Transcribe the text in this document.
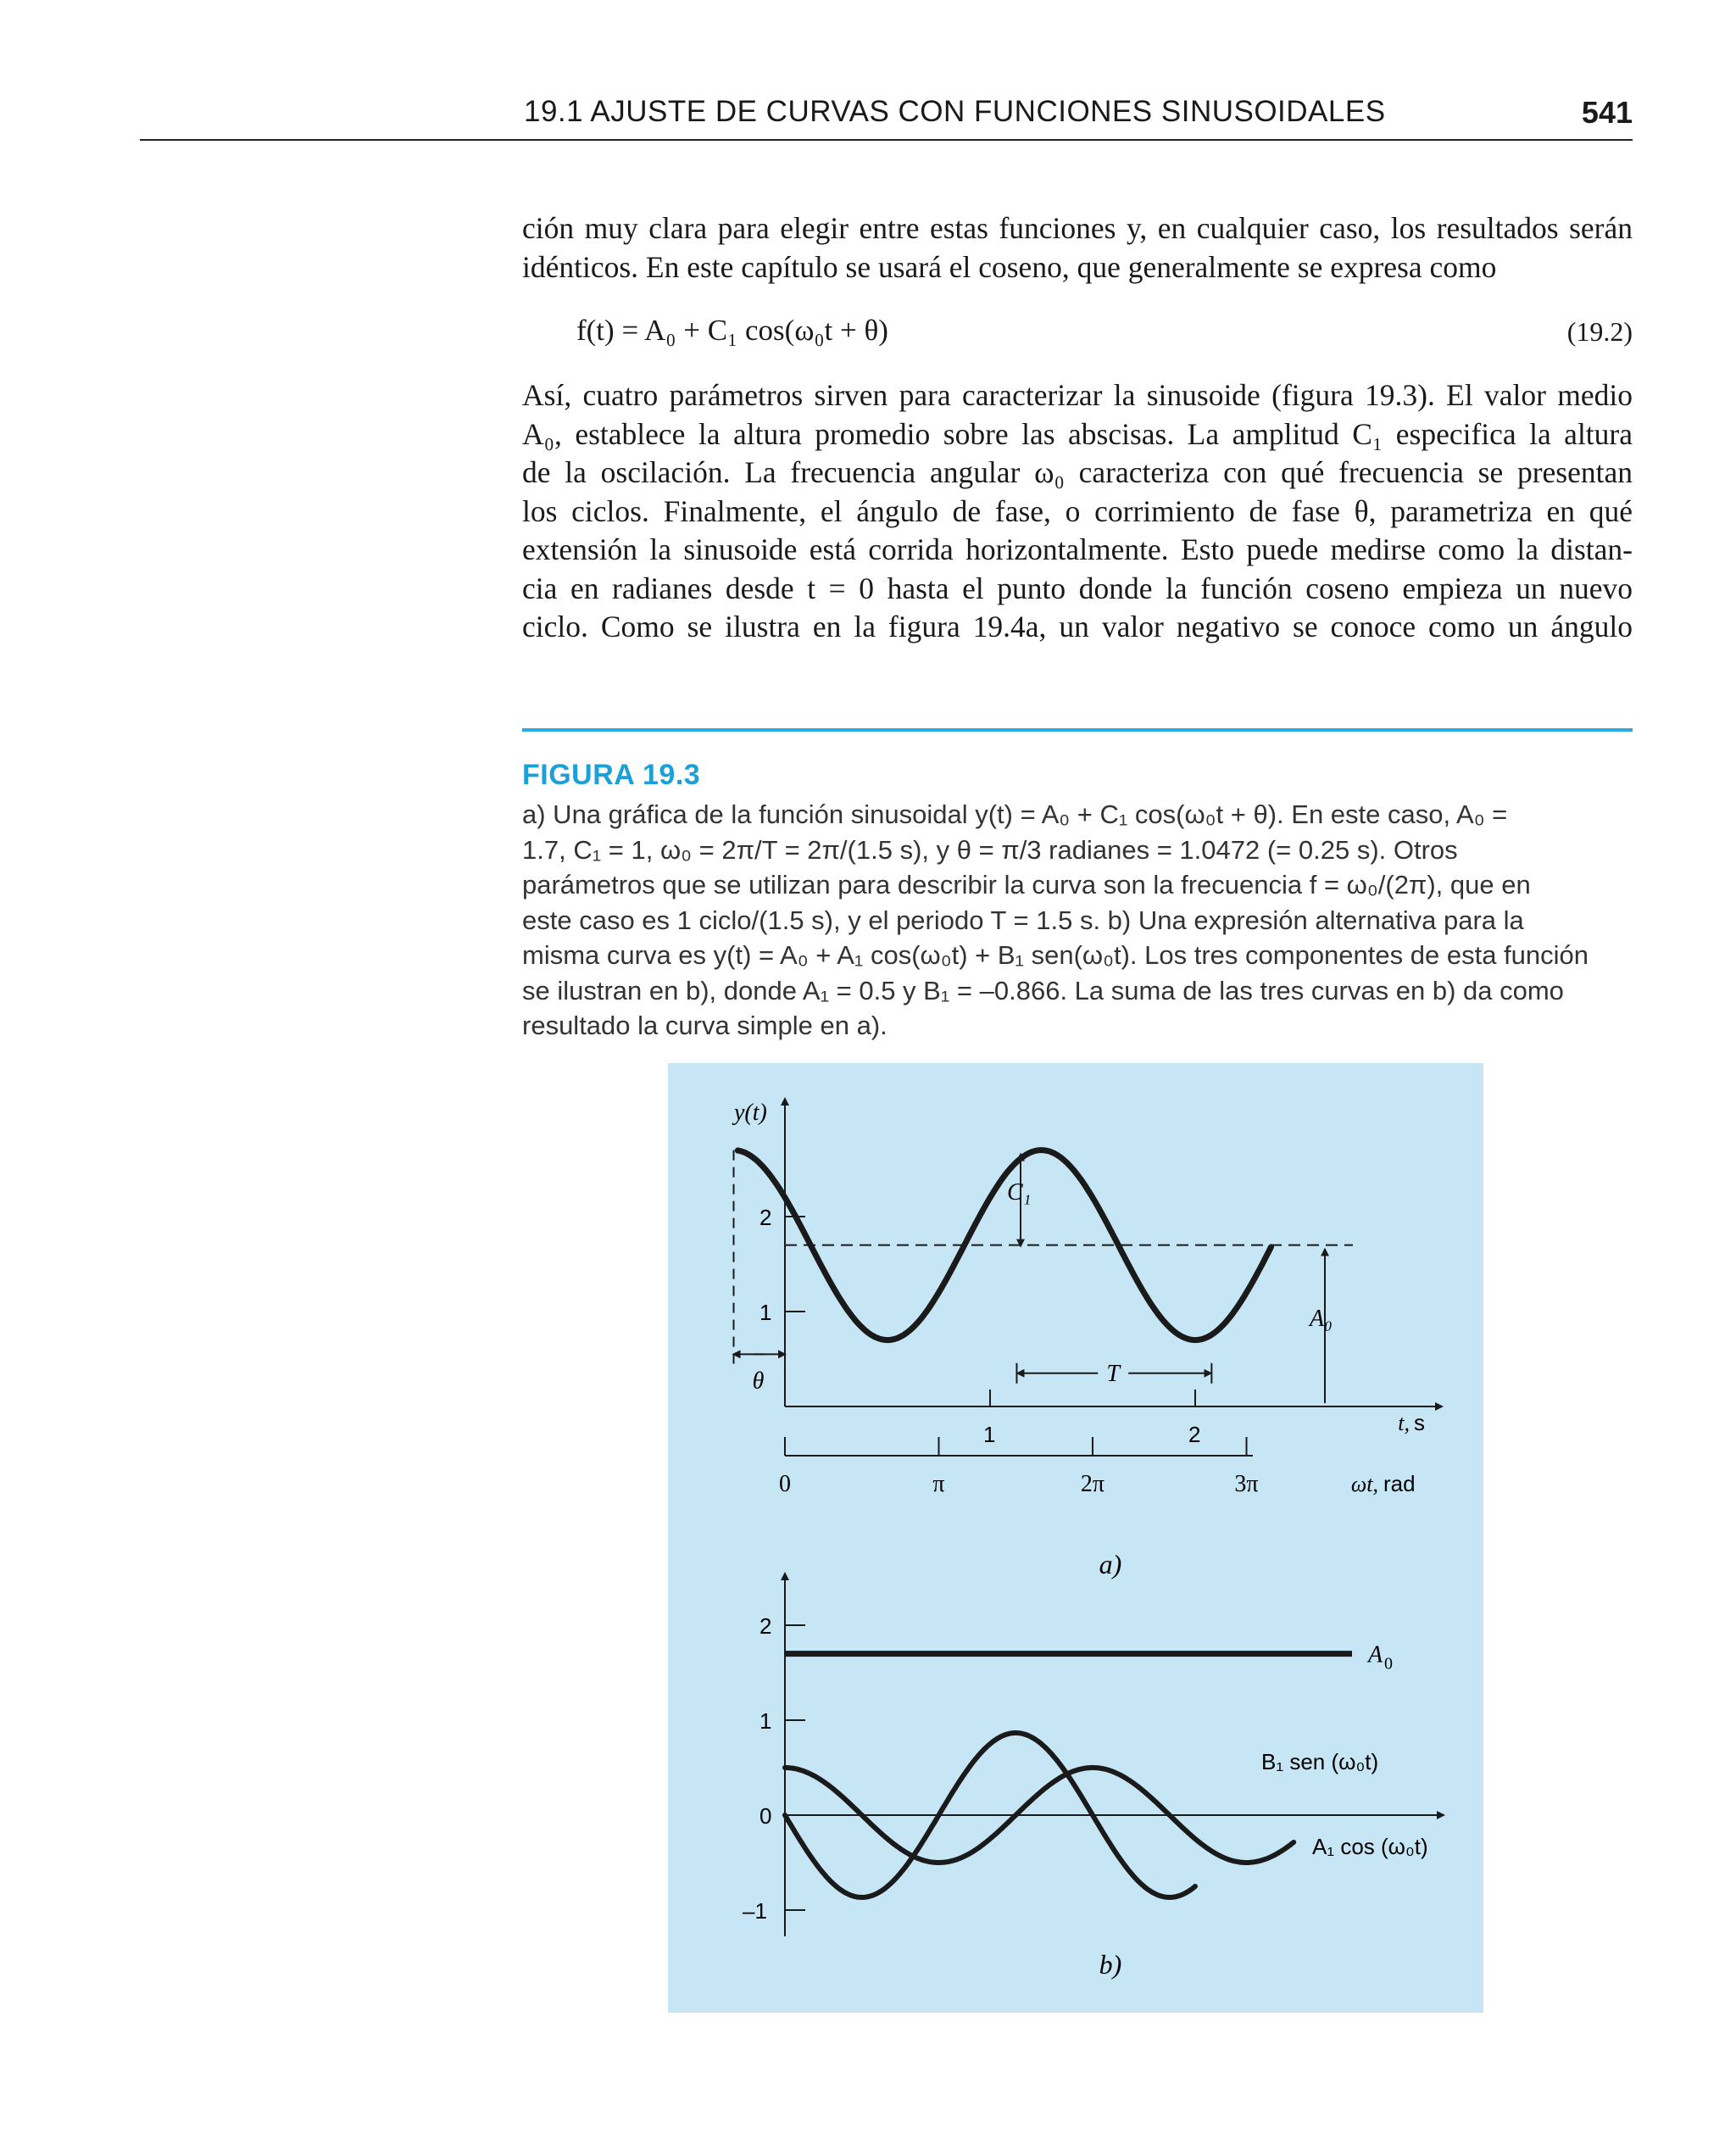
19.1 AJUSTE DE CURVAS CON FUNCIONES SINUSOIDALES	541
ción muy clara para elegir entre estas funciones y, en cualquier caso, los resultados serán
idénticos. En este capítulo se usará el coseno, que generalmente se expresa como
f(t) = A₀ + C₁ cos(ω₀t + θ)	(19.2)
Así, cuatro parámetros sirven para caracterizar la sinusoide (figura 19.3). El valor medio
A₀, establece la altura promedio sobre las abscisas. La amplitud C₁ especifica la altura
de la oscilación. La frecuencia angular ω₀ caracteriza con qué frecuencia se presentan
los ciclos. Finalmente, el ángulo de fase, o corrimiento de fase θ, parametriza en qué
extensión la sinusoide está corrida horizontalmente. Esto puede medirse como la distan-
cia en radianes desde t = 0 hasta el punto donde la función coseno empieza un nuevo
ciclo. Como se ilustra en la figura 19.4a, un valor negativo se conoce como un ángulo
FIGURA 19.3
a) Una gráfica de la función sinusoidal y(t) = A₀ + C₁ cos(ω₀t + θ). En este caso, A₀ =
1.7, C₁ = 1, ω₀ = 2π/T = 2π/(1.5 s), y θ = π/3 radianes = 1.0472 (= 0.25 s). Otros
parámetros que se utilizan para describir la curva son la frecuencia f = ω₀/(2π), que en
este caso es 1 ciclo/(1.5 s), y el periodo T = 1.5 s. b) Una expresión alternativa para la
misma curva es y(t) = A₀ + A₁ cos(ω₀t) + B₁ sen(ω₀t). Los tres componentes de esta función
se ilustran en b), donde A₁ = 0.5 y B₁ = –0.866. La suma de las tres curvas en b) da como
resultado la curva simple en a).
y(t)
1
2
1	2	t, s
0	π	2π	3π	ωt, rad
C₁
A₀
T
θ
a)
–1
0
1
2
A 0
B₁ sen (ω₀t)
A₁ cos (ω₀t)
b)
